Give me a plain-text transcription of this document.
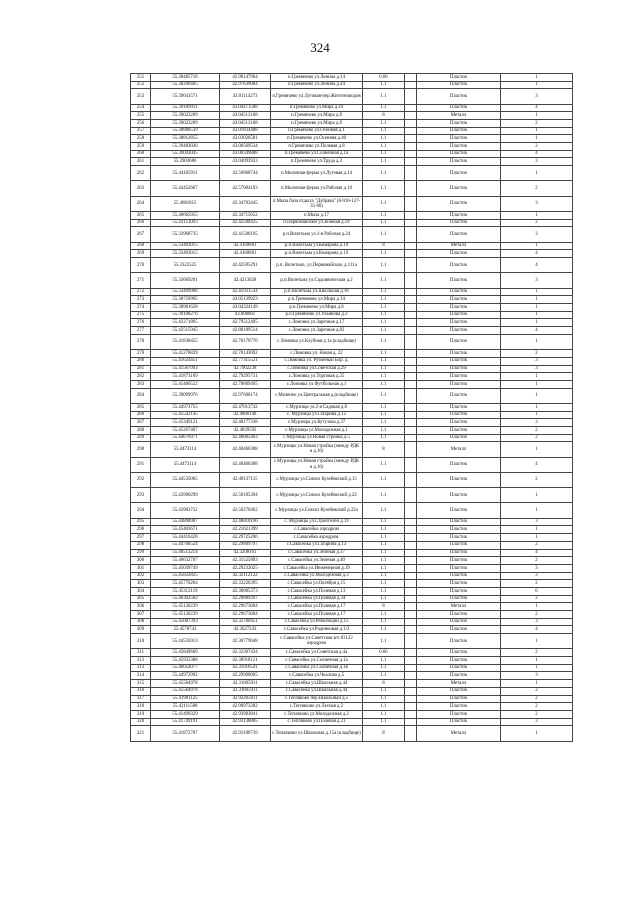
324
251	55.38485718	42.98147964	п.Гремячево ул.Ленина д.14	0.66		Пластик	1
252	55.38290405	42.97639084	п.Гремячево ул.Ленина д.44	1.1		Пластик	1
253	55.39641571	43.01114273	п.Гремячево ул.Луговая-пер.Житотноводов	1.1		Пластик	3
254	55.39189911	43.04471588	п.Гремячево ул.Мира д.10	1.1		Пластик	4
255	55.39023209	43.04513168	п.Гремячево ул.Мира д.8	8		Металл	1
256	55.39023209	43.04513168	п.Гремячево ул.Мира д.8	1.1		Пластик	2
257	55.38880539	43.01834488	п.Гремячево ул.Осенняя д.1	1.1		Пластик	1
258	55.38812855	43.03026581	п.Гремячево ул.Осенняя д.40	1.1		Пластик	1
259	55.39483036	43.00569534	п.Гремячево ул.Полевая д.8	1.1		Пластик	2
260	55.39043045	43.00349808	п.Гремячево ул.Солнечная д.1а	1.1		Пластик	4
261	55.3903686	43.04093933	п.Гремячево ул.Труда д.3	1.1		Пластик	3
262	55.44105911	42.56868744	п.Молочная ферма ул.Луговая д.14	1.1		Пластик	1
263	55.44452667	42.57004193	п.Молочная ферма ул.Рабочая д.10	1.1		Пластик	2
264	55.4681015	42.34703445	п.Мыза база отдыха "Дубрава" (8-910-137-35-90)	1.1		Пластик	3
265	55.46665955	42.34715652	п.Мыза д.17	1.1		Пластик	1
266	55.43151093	42.42588425	п.Первомайский ул.Зеленая д.19	1.1		Пластик	2
267	55.33968735	42.41506195	р.п.Вилетьма ул.1-я Рабочая д.24	1.1		Пластик	3
268	55.33403015	42.4160881	р.п.Вилетьма ул.Комарова д.19	8		Металл	1
269	55.33403015	42.4160881	р.п.Вилетьма ул.Комарова д.19	1.1		Пластик	4
270	55.3322525	42.42595291	р.п. Вилетьма, ул.Первомайская, д.111а	1.1		Пластик	4
271	55.33669281	42.4213028	р.п.Вилетьма ул.Садовническая д.2	1.1		Пластик	3
272	55.33499908	42.41931534	р.п.Вилетьма ул.Школьная д.18	1.1		Пластик	1
273	55.38759995	43.05139923	р.п.Гремячево ул.Мира д.14	1.1		Пластик	1
274	55.38981628	43.04324149	р.п.Гремячево ул.Мира д.8	1.1		Пластик	1
275	55.39108276	43.008661	р.п.Гремячево ул.Ульянова д.3	1.1		Пластик	1
276	55.42271805	42.79512405	с.Ломовка ул.Заречная д.17	1.1		Пластик	1
277	55.42515945	42.80189514	с.Ломовка ул.Заречная д.82	1.1		Пластик	4
278	55.41838455	42.78170776	с.Ломовка ул.Клубная д.1а (кладбище)	1.1		Пластик	1
279	55.41278839	42.78143692	с.Ломовка ул. Новая д. 22	1.1		Пластик	2
280	55.41624451	42.77315521	с.Ломовка ул. Рубленый Бор. д.	1.1		Пластик	3
281	55.41567993	42.7902238	с.Ломовка ул.Советская д.29	1.1		Пластик	3
282	55.41873169	42.79295731	с.Ломовка ул.Торговая д.25	1.1		Пластик	1
283	55.41466522	42.78889465	с.Ломовка ул.Футбольная д.1	1.1		Пластик	1
284	55.39099976	42.97600174	с.Меленео ул.Центральная д.(кладбище)	1.1		Пластик	1
285	55.44973755	42.47013742	с.Мурзицы ул.2-я Садовая д.8	1.1		Пластик	1
286	55.45542145	42.4800148	с. Мурзицы ул.Гагарина д.12	1.1		Пластик	1
287	55.45349121	42.48177338	с.Мурзицы ул.Кутузова д.37	1.1		Пластик	3
288	55.45267487	42.4839592	с.Мурзицы ул.Молодежная д.1	1.1		Пластик	2
289	55.44676971	42.48085403	с.Мурзицы ул.Новая стройка д.5	1.1		Пластик	2
290	55.4473114	42.48460388	с.Мурзицы ул.Новая стройка (между РДК и д.16)	8		Металл	1
291	55.4473114	42.48460388	с.Мурзицы ул.Новая стройка (между РДК и д.16)	1.1		Пластик	4
292	55.44535065	42.49137115	с.Мурзицы ул.Совхоз Кузебевский д.15	1.1		Пластик	2
293	55.43900299	42.50185394	с.Мурзицы ул.Совхоз Кузебевский д.22	1.1		Пластик	1
294	55.43903732	42.50270462	с.Мурзицы ул.Совхоз Кузебевский д.22а	1.1		Пластик	1
295	55.44898987	42.48810196	с. Мурзицы ул.Строителей д.19	1.1		Пластик	3
296	55.45403671	42.21621399	с.Савасейка аэродром	1.1		Пластик	1
297	55.44416428	42.29725206	с.Савасейка аэродром.	1.1		Пластик	1
298	55.44768524	42.29809797	с.Савасейка ул.Гагарина д.13	1.1		Пластик	2
299	55.46513214	42.3208161	с.Савасейка ул.Зеленая д.37	1.1		Пластик	4
300	55.46632767	42.31525803	с.Савасейка ул.Зеленая д.40	1.1		Пластик	2
301	55.45039749	42.29232025	с.Савасейка ул.Инженерная д.19	1.1		Пластик	3
302	55.45832825	42.32112122	с.Савасейка ул.Молодежная д.3	1.1		Пластик	3
303	55.45770264	42.33226395	с.Савасейка ул.Октября д.15	1.1		Пластик	2
304	55.45312119	42.30085373	с.Савасейка ул.Полевая д.13	1.1		Пластик	6
305	55.46302582	42.29889297	с.Савасейка ул.Полевая д.34	1.1		Пластик	2
306	55.45120239	42.29673004	с.Савасейка ул.Полевая д.17	8		Металл	1
307	55.45120239	42.29673004	с.Савасейка ул.Полевая д.17	1.1		Пластик	2
308	55.45007393	42.32700451	с.Савасейка ул.Революции д.15	1.1		Пластик	3
309	55.4578743	42.3627243	с.Савасейка ул.Родниковая д.1/2	1.1		Пластик	4
310	55.44532013	42.30779648	с.Савасейка ул.Советская в/ч 83122 аэродром	1.1		Пластик	1
311	55.45849609	42.32307434	с.Савасейка ул.Советская д.4а	0.66		Пластик	2
312	55.45932388	42.30918121	с.Савасейка ул.Солнечная д.1а	1.1		Пластик	1
313	55.46054077	42.31016541	с.Савасейка ул.Солнечная д.1в	1.1		Пластик	1
314	55.44972992	42.29900005	с.Савасейка ул.Чкалова д.5	1.1		Пластик	3
315	55.45564978	42.31605911	с.Савасейка ул.Школьная д.44	8		Металл	1
316	55.45564978	42.31605911	с.Савасейка ул.Школьная д.44	1.1		Пластик	2
317	55.41981125	42.92205811	с.Тепляково пер.Школьный д.5	1.1		Пластик	2
318	55.42111588	42.90973282	с.Тепляково ул.Лесная д.2	1.1		Пластик	2
319	55.41499329	42.93983841	с.Тепляково ул.Молодежная д.2	1.1		Пластик	2
320	55.41749191	42.93138885	с.Тепляково ул.Полевая д.31	1.1		Пластик	3
321	55.41872787	42.93100739	с.Тепляково ул.Школьная д.15а (кладбище)	8		Металл	1
